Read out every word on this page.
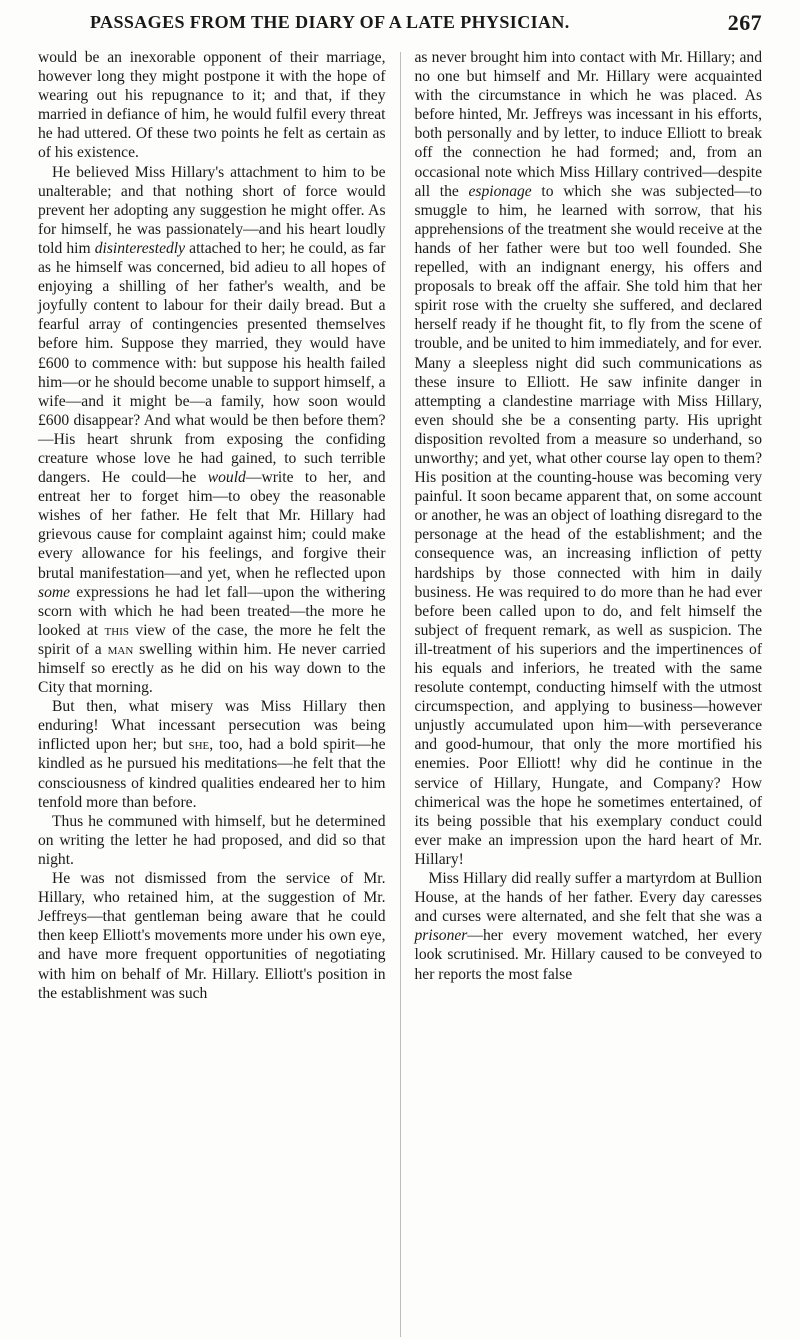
PASSAGES FROM THE DIARY OF A LATE PHYSICIAN.	267

would be an inexorable opponent of their marriage, however long they might postpone it with the hope of wearing out his repugnance to it; and that, if they married in defiance of him, he would fulfil every threat he had uttered. Of these two points he felt as certain as of his existence.

He believed Miss Hillary's attachment to him to be unalterable; and that nothing short of force would prevent her adopting any suggestion he might offer. As for himself, he was passionately—and his heart loudly told him disinterestedly attached to her; he could, as far as he himself was concerned, bid adieu to all hopes of enjoying a shilling of her father's wealth, and be joyfully content to labour for their daily bread. But a fearful array of contingencies presented themselves before him. Suppose they married, they would have £600 to commence with: but suppose his health failed him—or he should become unable to support himself, a wife—and it might be—a family, how soon would £600 disappear? And what would be then before them?—His heart shrunk from exposing the confiding creature whose love he had gained, to such terrible dangers. He could—he would—write to her, and entreat her to forget him—to obey the reasonable wishes of her father. He felt that Mr. Hillary had grievous cause for complaint against him; could make every allowance for his feelings, and forgive their brutal manifestation—and yet, when he reflected upon some expressions he had let fall—upon the withering scorn with which he had been treated—the more he looked at this view of the case, the more he felt the spirit of a man swelling within him. He never carried himself so erectly as he did on his way down to the City that morning.

But then, what misery was Miss Hillary then enduring! What incessant persecution was being inflicted upon her; but she, too, had a bold spirit—he kindled as he pursued his meditations—he felt that the consciousness of kindred qualities endeared her to him tenfold more than before.

Thus he communed with himself, but he determined on writing the letter he had proposed, and did so that night.

He was not dismissed from the service of Mr. Hillary, who retained him, at the suggestion of Mr. Jeffreys—that gentleman being aware that he could then keep Elliott's movements more under his own eye, and have more frequent opportunities of negotiating with him on behalf of Mr. Hillary. Elliott's position in the establishment was such

as never brought him into contact with Mr. Hillary; and no one but himself and Mr. Hillary were acquainted with the circumstance in which he was placed. As before hinted, Mr. Jeffreys was incessant in his efforts, both personally and by letter, to induce Elliott to break off the connection he had formed; and, from an occasional note which Miss Hillary contrived—despite all the espionage to which she was subjected—to smuggle to him, he learned with sorrow, that his apprehensions of the treatment she would receive at the hands of her father were but too well founded. She repelled, with an indignant energy, his offers and proposals to break off the affair. She told him that her spirit rose with the cruelty she suffered, and declared herself ready if he thought fit, to fly from the scene of trouble, and be united to him immediately, and for ever. Many a sleepless night did such communications as these insure to Elliott. He saw infinite danger in attempting a clandestine marriage with Miss Hillary, even should she be a consenting party. His upright disposition revolted from a measure so underhand, so unworthy; and yet, what other course lay open to them? His position at the counting-house was becoming very painful. It soon became apparent that, on some account or another, he was an object of loathing disregard to the personage at the head of the establishment; and the consequence was, an increasing infliction of petty hardships by those connected with him in daily business. He was required to do more than he had ever before been called upon to do, and felt himself the subject of frequent remark, as well as suspicion. The ill-treatment of his superiors and the impertinences of his equals and inferiors, he treated with the same resolute contempt, conducting himself with the utmost circumspection, and applying to business—however unjustly accumulated upon him—with perseverance and good-humour, that only the more mortified his enemies. Poor Elliott! why did he continue in the service of Hillary, Hungate, and Company? How chimerical was the hope he sometimes entertained, of its being possible that his exemplary conduct could ever make an impression upon the hard heart of Mr. Hillary!

Miss Hillary did really suffer a martyrdom at Bullion House, at the hands of her father. Every day caresses and curses were alternated, and she felt that she was a prisoner—her every movement watched, her every look scrutinised. Mr. Hillary caused to be conveyed to her reports the most false
